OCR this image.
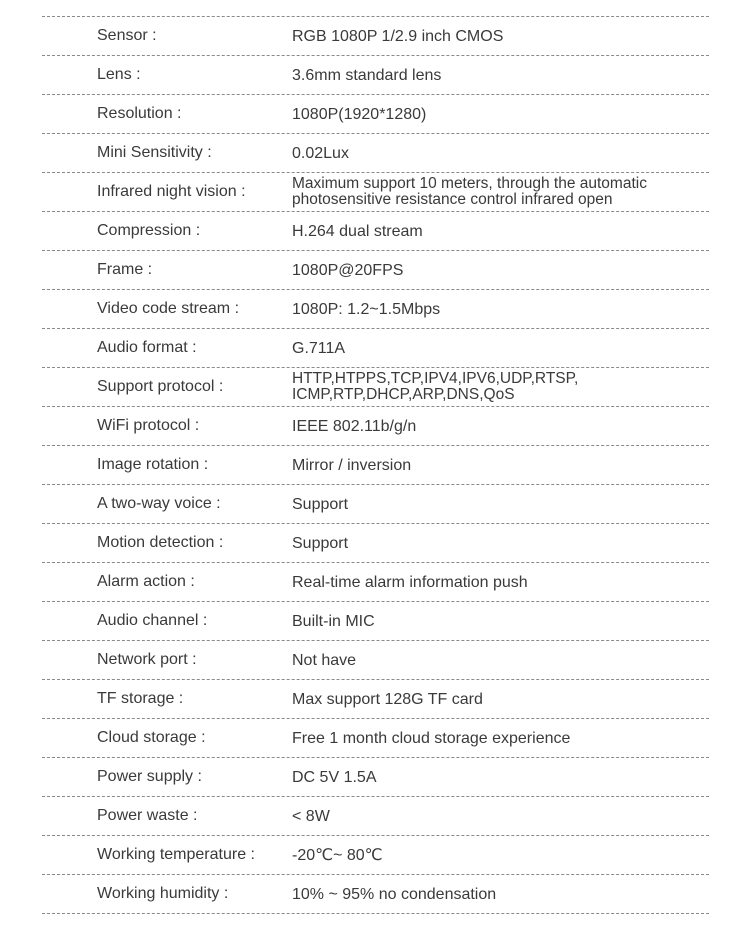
Sensor :	RGB 1080P 1/2.9 inch CMOS
Lens :	3.6mm standard lens
Resolution :	1080P(1920*1280)
Mini Sensitivity :	0.02Lux
Infrared night vision :	Maximum support 10 meters, through the automatic photosensitive resistance control infrared open
Compression :	H.264 dual stream
Frame :	1080P@20FPS
Video code stream :	1080P: 1.2~1.5Mbps
Audio format :	G.711A
Support protocol :	HTTP,HTPPS,TCP,IPV4,IPV6,UDP,RTSP, ICMP,RTP,DHCP,ARP,DNS,QoS
WiFi protocol :	IEEE 802.11b/g/n
Image rotation :	Mirror / inversion
A two-way voice :	Support
Motion detection :	Support
Alarm action :	Real-time alarm information push
Audio channel :	Built-in MIC
Network port :	Not have
TF storage :	Max support 128G TF card
Cloud storage :	Free 1 month cloud storage experience
Power supply :	DC 5V 1.5A
Power waste :	< 8W
Working temperature :	-20℃~ 80℃
Working humidity :	10% ~ 95% no condensation
